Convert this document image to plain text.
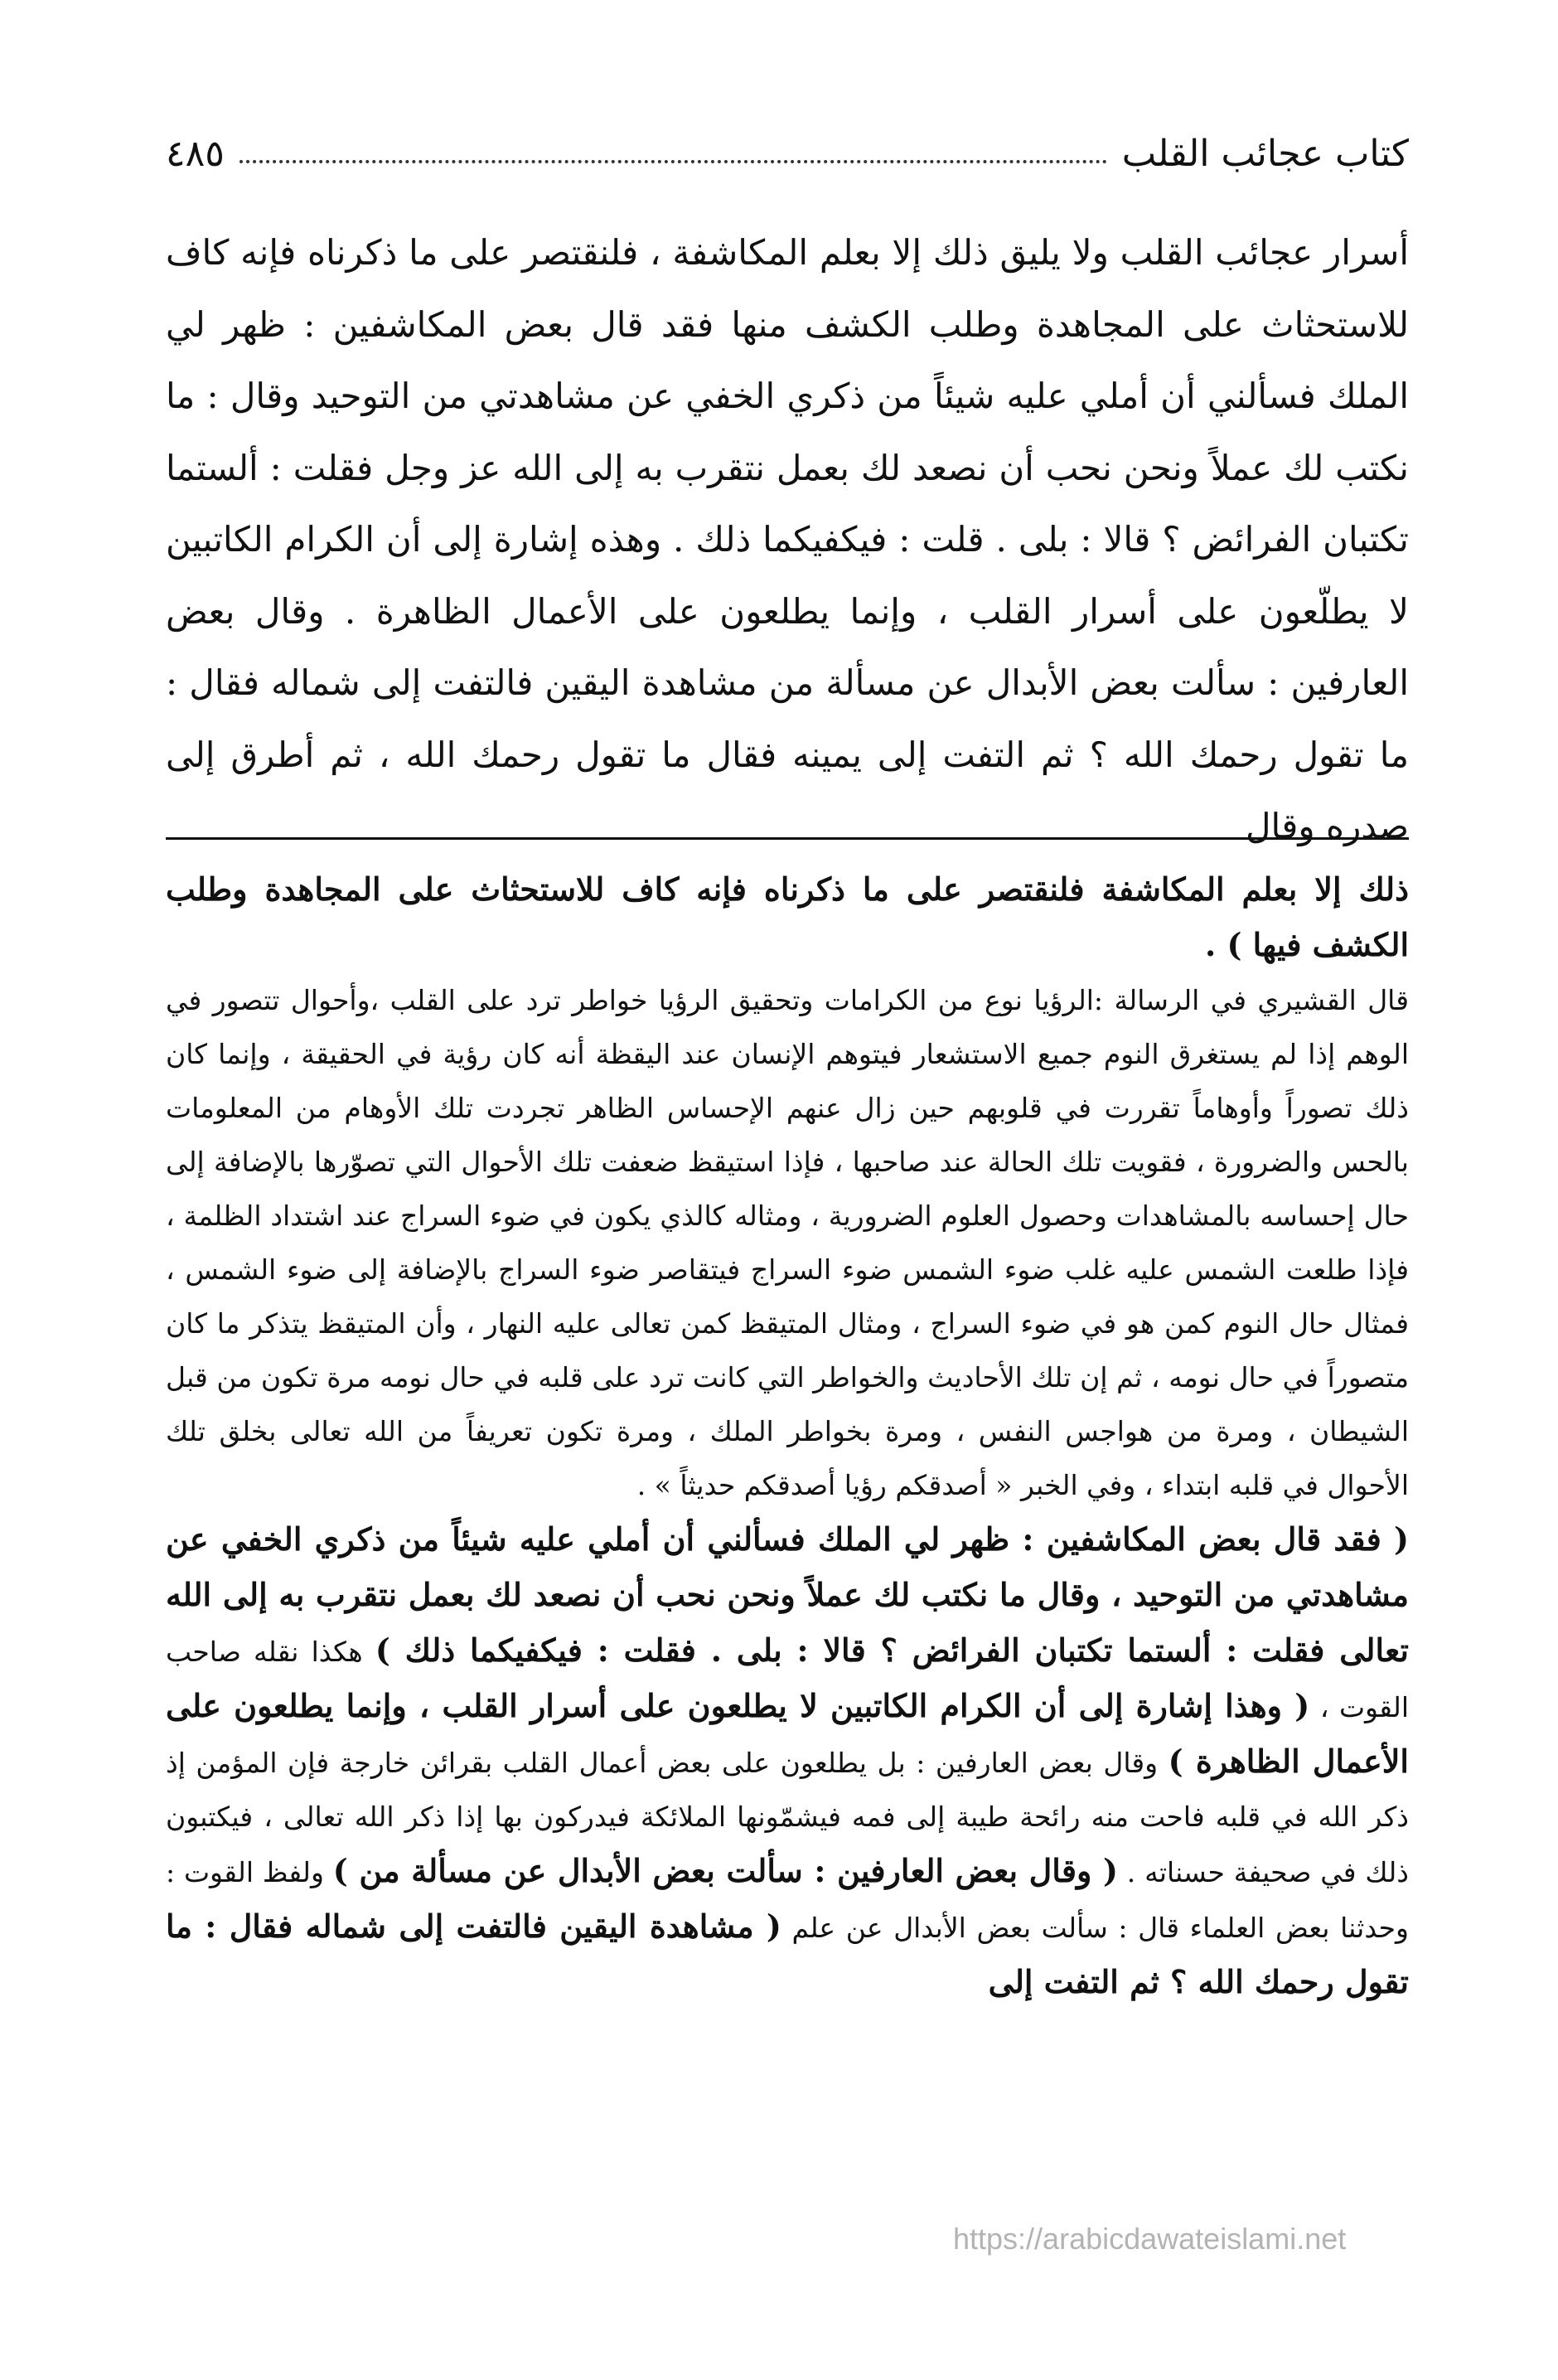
كتاب عجائب القلب
٤٨٥

أسرار عجائب القلب ولا يليق ذلك إلا بعلم المكاشفة ، فلنقتصر على ما ذكرناه فإنه كاف للاستحثاث على المجاهدة وطلب الكشف منها فقد قال بعض المكاشفين : ظهر لي الملك فسألني أن أملي عليه شيئاً من ذكري الخفي عن مشاهدتي من التوحيد وقال : ما نكتب لك عملاً ونحن نحب أن نصعد لك بعمل نتقرب به إلى الله عز وجل فقلت : ألستما تكتبان الفرائض ؟ قالا : بلى . قلت : فيكفيكما ذلك . وهذه إشارة إلى أن الكرام الكاتبين لا يطلّعون على أسرار القلب ، وإنما يطلعون على الأعمال الظاهرة . وقال بعض العارفين : سألت بعض الأبدال عن مسألة من مشاهدة اليقين فالتفت إلى شماله فقال : ما تقول رحمك الله ؟ ثم التفت إلى يمينه فقال ما تقول رحمك الله ، ثم أطرق إلى صدره وقال

ذلك إلا بعلم المكاشفة فلنقتصر على ما ذكرناه فإنه كاف للاستحثاث على المجاهدة وطلب الكشف فيها ) .

قال القشيري في الرسالة :الرؤيا نوع من الكرامات وتحقيق الرؤيا خواطر ترد على القلب ،وأحوال تتصور في الوهم إذا لم يستغرق النوم جميع الاستشعار فيتوهم الإنسان عند اليقظة أنه كان رؤية في الحقيقة ، وإنما كان ذلك تصوراً وأوهاماً تقررت في قلوبهم حين زال عنهم الإحساس الظاهر تجردت تلك الأوهام من المعلومات بالحس والضرورة ، فقويت تلك الحالة عند صاحبها ، فإذا استيقظ ضعفت تلك الأحوال التي تصوّرها بالإضافة إلى حال إحساسه بالمشاهدات وحصول العلوم الضرورية ، ومثاله كالذي يكون في ضوء السراج عند اشتداد الظلمة ، فإذا طلعت الشمس عليه غلب ضوء الشمس ضوء السراج فيتقاصر ضوء السراج بالإضافة إلى ضوء الشمس ، فمثال حال النوم كمن هو في ضوء السراج ، ومثال المتيقظ كمن تعالى عليه النهار ، وأن المتيقظ يتذكر ما كان متصوراً في حال نومه ، ثم إن تلك الأحاديث والخواطر التي كانت ترد على قلبه في حال نومه مرة تكون من قبل الشيطان ، ومرة من هواجس النفس ، ومرة بخواطر الملك ، ومرة تكون تعريفاً من الله تعالى بخلق تلك الأحوال في قلبه ابتداء ، وفي الخبر « أصدقكم رؤيا أصدقكم حديثاً » .

( فقد قال بعض المكاشفين : ظهر لي الملك فسألني أن أملي عليه شيئاً من ذكري الخفي عن مشاهدتي من التوحيد ، وقال ما نكتب لك عملاً ونحن نحب أن نصعد لك بعمل نتقرب به إلى الله تعالى فقلت : ألستما تكتبان الفرائض ؟ قالا : بلى . فقلت : فيكفيكما ذلك ) هكذا نقله صاحب القوت ، ( وهذا إشارة إلى أن الكرام الكاتبين لا يطلعون على أسرار القلب ، وإنما يطلعون على الأعمال الظاهرة ) وقال بعض العارفين : بل يطلعون على بعض أعمال القلب بقرائن خارجة فإن المؤمن إذ ذكر الله في قلبه فاحت منه رائحة طيبة إلى فمه فيشمّونها الملائكة فيدركون بها إذا ذكر الله تعالى ، فيكتبون ذلك في صحيفة حسناته . ( وقال بعض العارفين : سألت بعض الأبدال عن مسألة من ) ولفظ القوت : وحدثنا بعض العلماء قال : سألت بعض الأبدال عن علم ( مشاهدة اليقين فالتفت إلى شماله فقال : ما تقول رحمك الله ؟ ثم التفت إلى

https://arabicdawateislami.net
